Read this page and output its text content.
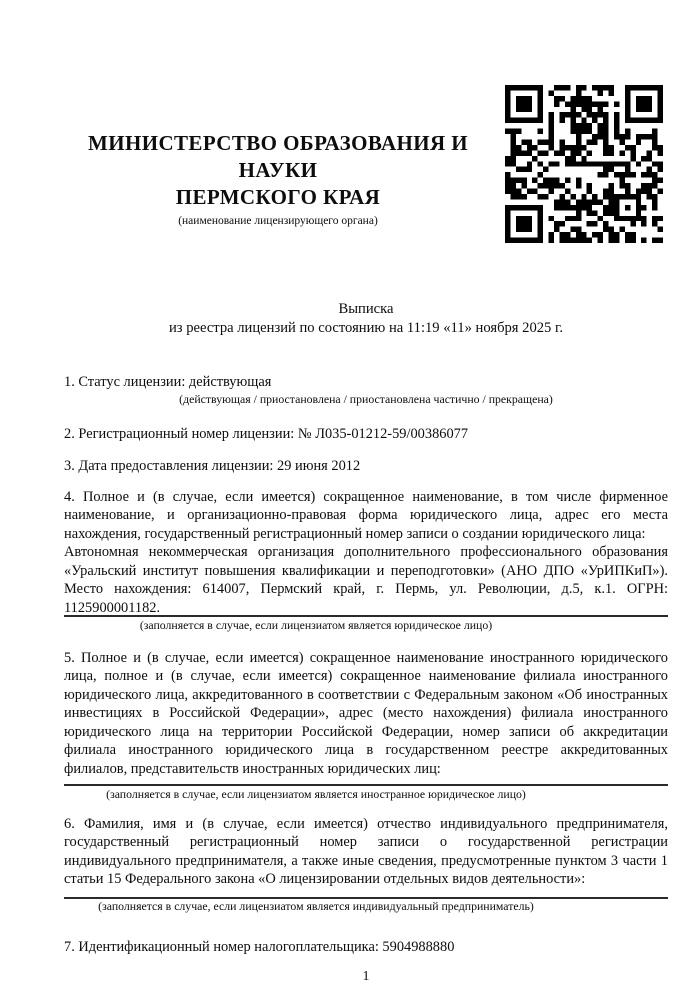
МИНИСТЕРСТВО ОБРАЗОВАНИЯ И НАУКИ
ПЕРМСКОГО КРАЯ
(наименование лицензирующего органа)
Выписка
из реестра лицензий по состоянию на 11:19 «11» ноября 2025 г.
1. Статус лицензии: действующая
(действующая / приостановлена / приостановлена частично / прекращена)
2. Регистрационный номер лицензии: № Л035-01212-59/00386077
3. Дата предоставления лицензии: 29 июня 2012
4. Полное и (в случае, если имеется) сокращенное наименование, в том числе фирменное наименование, и организационно-правовая форма юридического лица, адрес его места нахождения, государственный регистрационный номер записи о создании юридического лица:
Автономная некоммерческая организация дополнительного профессионального образования «Уральский институт повышения квалификации и переподготовки» (АНО ДПО «УрИПКиП»). Место нахождения: 614007, Пермский край, г. Пермь, ул. Революции, д.5, к.1. ОГРН: 1125900001182.
(заполняется в случае, если лицензиатом является юридическое лицо)
5. Полное и (в случае, если имеется) сокращенное наименование иностранного юридического лица, полное и (в случае, если имеется) сокращенное наименование филиала иностранного юридического лица, аккредитованного в соответствии с Федеральным законом «Об иностранных инвестициях в Российской Федерации», адрес (место нахождения) филиала иностранного юридического лица на территории Российской Федерации, номер записи об аккредитации филиала иностранного юридического лица в государственном реестре аккредитованных филиалов, представительств иностранных юридических лиц:
(заполняется в случае, если лицензиатом является иностранное юридическое лицо)
6. Фамилия, имя и (в случае, если имеется) отчество индивидуального предпринимателя, государственный регистрационный номер записи о государственной регистрации индивидуального предпринимателя, а также иные сведения, предусмотренные пунктом 3 части 1 статьи 15 Федерального закона «О лицензировании отдельных видов деятельности»:
(заполняется в случае, если лицензиатом является индивидуальный предприниматель)
7. Идентификационный номер налогоплательщика: 5904988880
1
